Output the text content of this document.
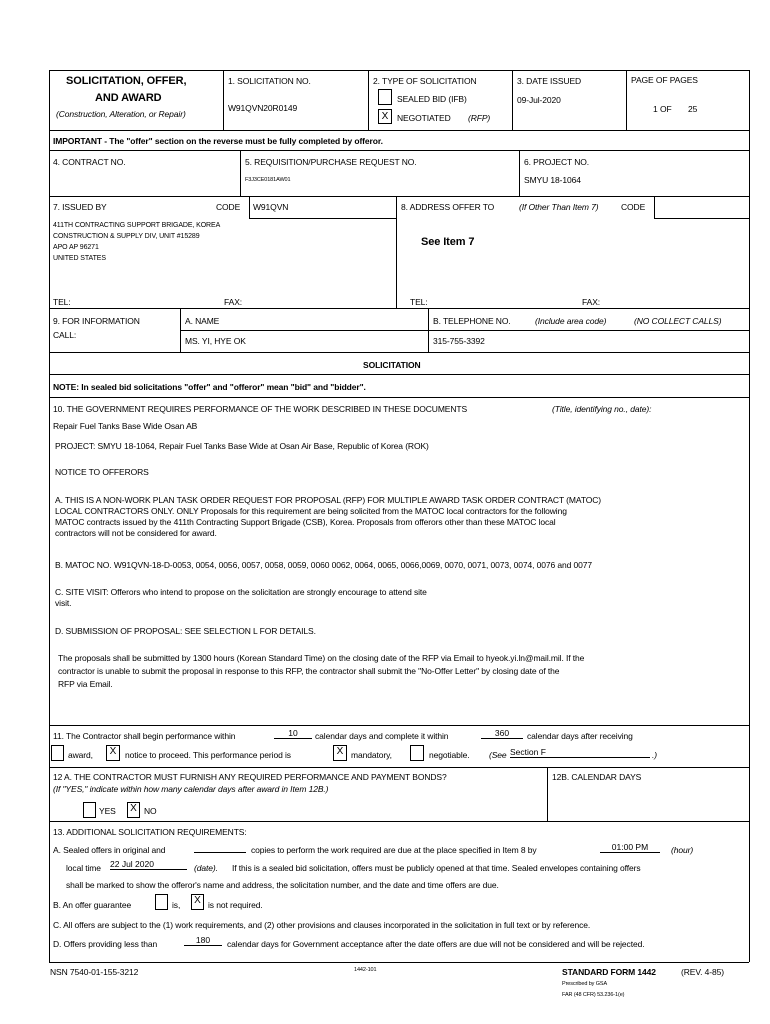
SOLICITATION, OFFER,
AND AWARD
(Construction, Alteration, or Repair)
1. SOLICITATION NO.
W91QVN20R0149
2. TYPE OF SOLICITATION
SEALED BID (IFB)
X	NEGOTIATED (RFP)
3. DATE ISSUED
09-Jul-2020
PAGE OF PAGES
1 OF 25
IMPORTANT - The "offer" section on the reverse must be fully completed by offeror.
4. CONTRACT NO.	5. REQUISITION/PURCHASE REQUEST NO.
F3J3CE0181AW01
6. PROJECT NO.
SMYU 18-1064
7. ISSUED BY	CODE W91QVN
411TH CONTRACTING SUPPORT BRIGADE, KOREA
CONSTRUCTION & SUPPLY DIV, UNIT #15289
APO AP 96271
UNITED STATES
TEL:	FAX:
8. ADDRESS OFFER TO	(If Other Than Item 7)	CODE
See Item 7
TEL:	FAX:
9. FOR INFORMATION
CALL:
A. NAME
MS. YI, HYE OK
B. TELEPHONE NO.	(Include area code)	(NO COLLECT CALLS)
315-755-3392
SOLICITATION
NOTE: In sealed bid solicitations "offer" and "offeror" mean "bid" and "bidder".
10. THE GOVERNMENT REQUIRES PERFORMANCE OF THE WORK DESCRIBED IN THESE DOCUMENTS	(Title, identifying no., date):
Repair Fuel Tanks Base Wide Osan AB
PROJECT: SMYU 18-1064, Repair Fuel Tanks Base Wide at Osan Air Base, Republic of Korea (ROK)
NOTICE TO OFFERORS
A. THIS IS A NON-WORK PLAN TASK ORDER REQUEST FOR PROPOSAL (RFP) FOR MULTIPLE AWARD TASK ORDER CONTRACT (MATOC)
LOCAL CONTRACTORS ONLY. ONLY Proposals for this requirement are being solicited from the MATOC local contractors for the following
MATOC contracts issued by the 411th Contracting Support Brigade (CSB), Korea. Proposals from offerors other than these MATOC local
contractors will not be considered for award.
B. MATOC NO. W91QVN-18-D-0053, 0054, 0056, 0057, 0058, 0059, 0060 0062, 0064, 0065, 0066,0069, 0070, 0071, 0073, 0074, 0076 and 0077
C. SITE VISIT: Offerors who intend to propose on the solicitation are strongly encourage to attend site
visit.
D. SUBMISSION OF PROPOSAL: SEE SELECTION L FOR DETAILS.
The proposals shall be submitted by 1300 hours (Korean Standard Time) on the closing date of the RFP via Email to hyeok.yi.ln@mail.mil. If the
contractor is unable to submit the proposal in response to this RFP, the contractor shall submit the "No-Offer Letter" by closing date of the
RFP via Email.
11. The Contractor shall begin performance within	10	calendar days and complete it within	360	calendar days after receiving
award,	X	notice to proceed. This performance period is	X mandatory,	negotiable. (See Section F	.)
12 A. THE CONTRACTOR MUST FURNISH ANY REQUIRED PERFORMANCE AND PAYMENT BONDS?
(If "YES," indicate within how many calendar days after award in Item 12B.)
YES	X NO
12B. CALENDAR DAYS
13. ADDITIONAL SOLICITATION REQUIREMENTS:
A. Sealed offers in original and	copies to perform the work required are due at the place specified in Item 8 by	01:00 PM	(hour)
local time 22 Jul 2020	(date). If this is a sealed bid solicitation, offers must be publicly opened at that time. Sealed envelopes containing offers
shall be marked to show the offeror's name and address, the solicitation number, and the date and time offers are due.
B. An offer guarantee	is,	X is not required.
C. All offers are subject to the (1) work requirements, and (2) other provisions and clauses incorporated in the solicitation in full text or by reference.
D. Offers providing less than	180	calendar days for Government acceptance after the date offers are due will not be considered and will be rejected.
NSN 7540-01-155-3212	1442-101	STANDARD FORM 1442	(REV. 4-85)
Prescribed by GSA
FAR (48 CFR) 53.236-1(e)
